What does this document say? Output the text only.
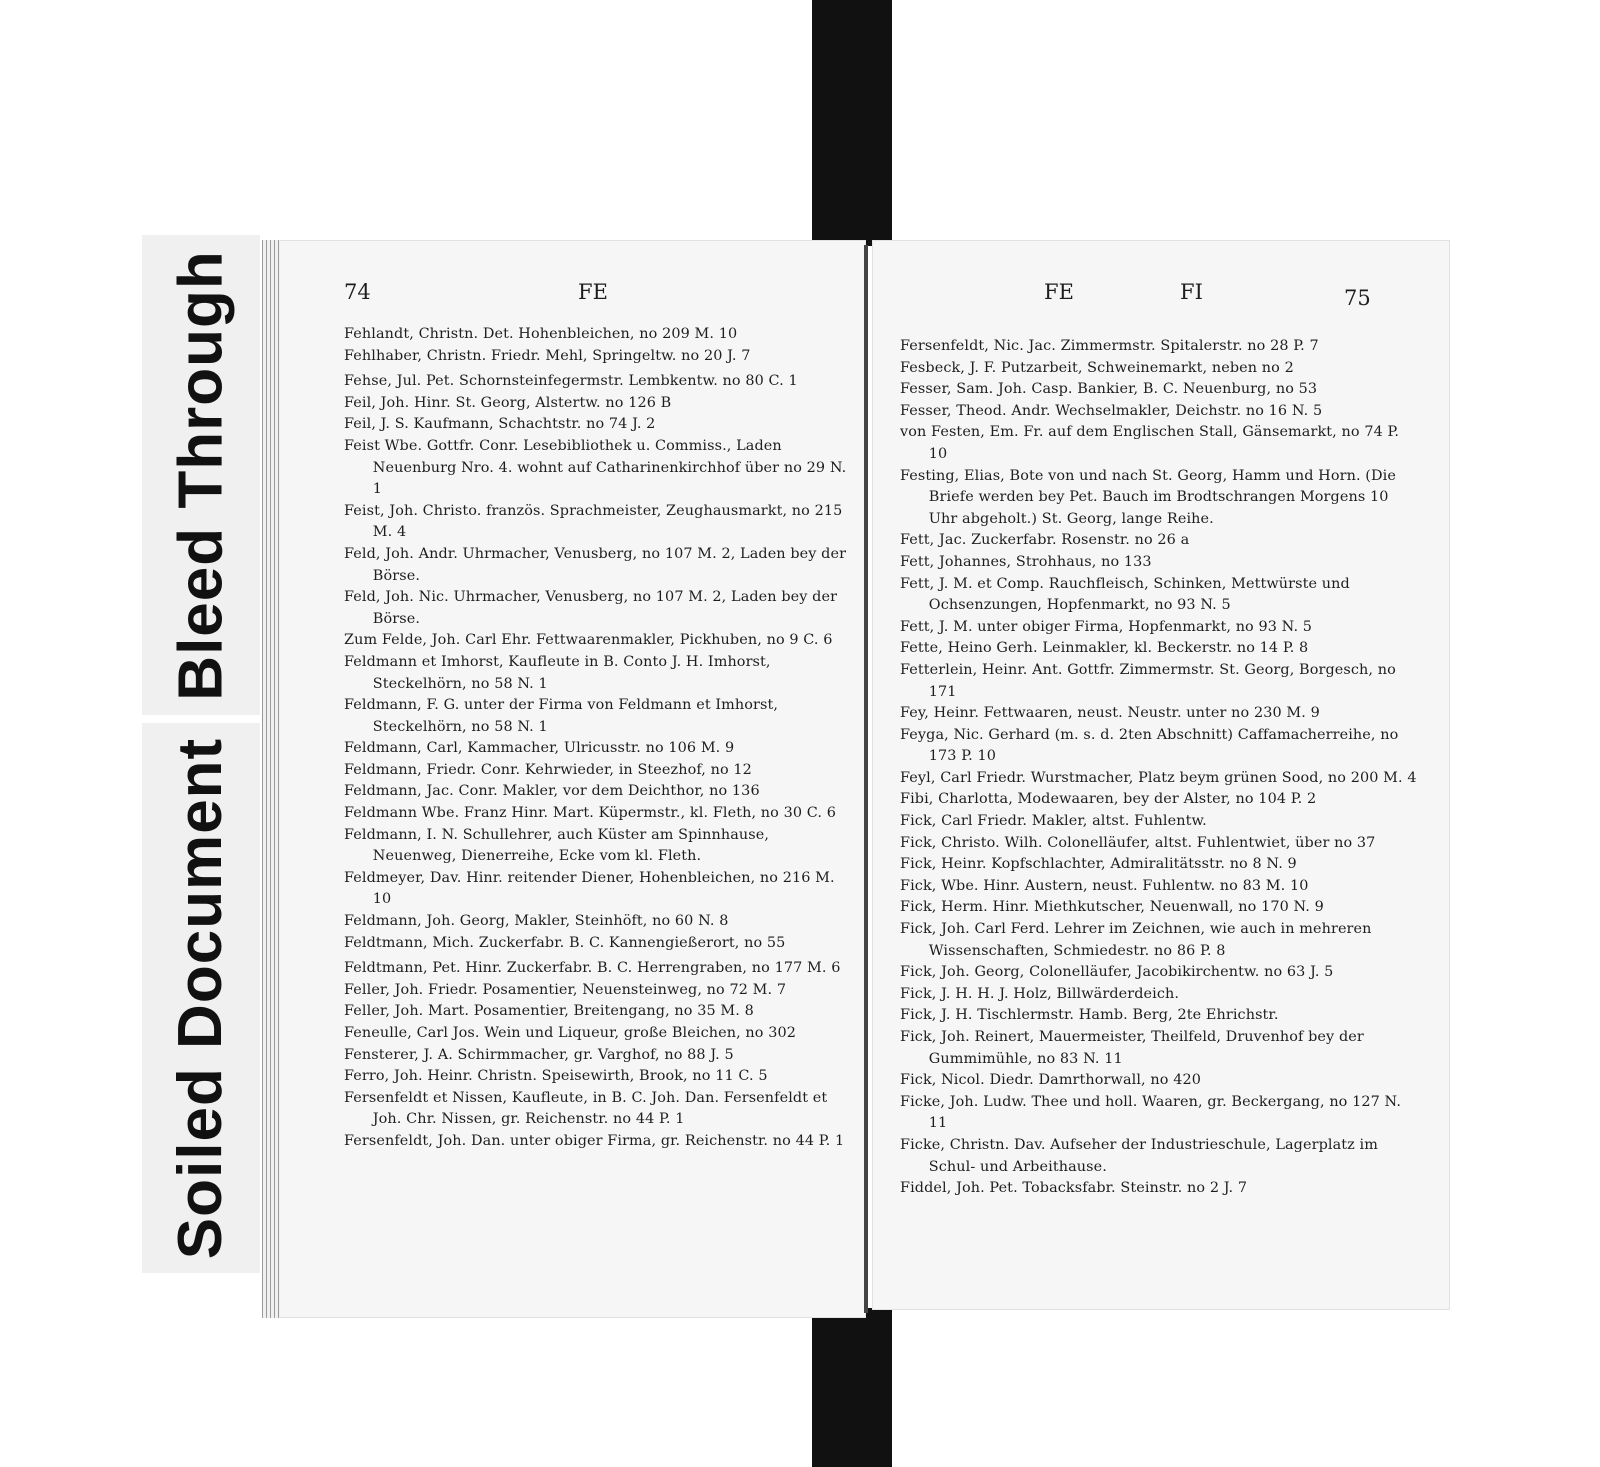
Bleed Through
Soiled Document
74	FE
Fehlandt, Christn. Det. Hohenbleichen, no 209 M. 10
Fehlhaber, Christn. Friedr. Mehl, Springeltw. no 20 J. 7
Fehse, Jul. Pet. Schornsteinfegermstr. Lembkentw. no 80 C. 1
Feil, Joh. Hinr. St. Georg, Alstertw. no 126 B
Feil, J. S. Kaufmann, Schachtstr. no 74 J. 2
Feist Wbe. Gottfr. Conr. Lesebibliothek u. Commiss., Laden Neuenburg Nro. 4. wohnt auf Catharinenkirchhof über no 29 N. 1
Feist, Joh. Christo. französ. Sprachmeister, Zeughausmarkt, no 215 M. 4
Feld, Joh. Andr. Uhrmacher, Venusberg, no 107 M. 2, Laden bey der Börse.
Feld, Joh. Nic. Uhrmacher, Venusberg, no 107 M. 2, Laden bey der Börse.
Zum Felde, Joh. Carl Ehr. Fettwaarenmakler, Pickhuben, no 9 C. 6
Feldmann et Imhorst, Kaufleute in B. Conto J. H. Imhorst, Steckelhörn, no 58 N. 1
Feldmann, F. G. unter der Firma von Feldmann et Imhorst, Steckelhörn, no 58 N. 1
Feldmann, Carl, Kammacher, Ulricusstr. no 106 M. 9
Feldmann, Friedr. Conr. Kehrwieder, in Steezhof, no 12
Feldmann, Jac. Conr. Makler, vor dem Deichthor, no 136
Feldmann Wbe. Franz Hinr. Mart. Küpermstr., kl. Fleth, no 30 C. 6
Feldmann, I. N. Schullehrer, auch Küster am Spinnhause, Neuenweg, Dienerreihe, Ecke vom kl. Fleth.
Feldmeyer, Dav. Hinr. reitender Diener, Hohenbleichen, no 216 M. 10
Feldmann, Joh. Georg, Makler, Steinhöft, no 60 N. 8
Feldtmann, Mich. Zuckerfabr. B. C. Kannengießerort, no 55
Feldtmann, Pet. Hinr. Zuckerfabr. B. C. Herrengraben, no 177 M. 6
Feller, Joh. Friedr. Posamentier, Neuensteinweg, no 72 M. 7
Feller, Joh. Mart. Posamentier, Breitengang, no 35 M. 8
Feneulle, Carl Jos. Wein und Liqueur, große Bleichen, no 302
Fensterer, J. A. Schirmmacher, gr. Varghof, no 88 J. 5
Ferro, Joh. Heinr. Christn. Speisewirth, Brook, no 11 C. 5
Fersenfeldt et Nissen, Kaufleute, in B. C. Joh. Dan. Fersenfeldt et Joh. Chr. Nissen, gr. Reichenstr. no 44 P. 1
Fersenfeldt, Joh. Dan. unter obiger Firma, gr. Reichenstr. no 44 P. 1
FE	FI	75
Fersenfeldt, Nic. Jac. Zimmermstr. Spitalerstr. no 28 P. 7
Fesbeck, J. F. Putzarbeit, Schweinemarkt, neben no 2
Fesser, Sam. Joh. Casp. Bankier, B. C. Neuenburg, no 53
Fesser, Theod. Andr. Wechselmakler, Deichstr. no 16 N. 5
von Festen, Em. Fr. auf dem Englischen Stall, Gänsemarkt, no 74 P. 10
Festing, Elias, Bote von und nach St. Georg, Hamm und Horn. (Die Briefe werden bey Pet. Bauch im Brodtschrangen Morgens 10 Uhr abgeholt.) St. Georg, lange Reihe.
Fett, Jac. Zuckerfabr. Rosenstr. no 26 a
Fett, Johannes, Strohhaus, no 133
Fett, J. M. et Comp. Rauchfleisch, Schinken, Mettwürste und Ochsenzungen, Hopfenmarkt, no 93 N. 5
Fett, J. M. unter obiger Firma, Hopfenmarkt, no 93 N. 5
Fette, Heino Gerh. Leinmakler, kl. Beckerstr. no 14 P. 8
Fetterlein, Heinr. Ant. Gottfr. Zimmermstr. St. Georg, Borgesch, no 171
Fey, Heinr. Fettwaaren, neust. Neustr. unter no 230 M. 9
Feyga, Nic. Gerhard (m. s. d. 2ten Abschnitt) Caffamacherreihe, no 173 P. 10
Feyl, Carl Friedr. Wurstmacher, Platz beym grünen Sood, no 200 M. 4
Fibi, Charlotta, Modewaaren, bey der Alster, no 104 P. 2
Fick, Carl Friedr. Makler, altst. Fuhlentw.
Fick, Christo. Wilh. Colonelläufer, altst. Fuhlentwiet, über no 37
Fick, Heinr. Kopfschlachter, Admiralitätsstr. no 8 N. 9
Fick, Wbe. Hinr. Austern, neust. Fuhlentw. no 83 M. 10
Fick, Herm. Hinr. Miethkutscher, Neuenwall, no 170 N. 9
Fick, Joh. Carl Ferd. Lehrer im Zeichnen, wie auch in mehreren Wissenschaften, Schmiedestr. no 86 P. 8
Fick, Joh. Georg, Colonelläufer, Jacobikirchentw. no 63 J. 5
Fick, J. H. H. J. Holz, Billwärderdeich.
Fick, J. H. Tischlermstr. Hamb. Berg, 2te Ehrichstr.
Fick, Joh. Reinert, Mauermeister, Theilfeld, Druvenhof bey der Gummimühle, no 83 N. 11
Fick, Nicol. Diedr. Damrthorwall, no 420
Ficke, Joh. Ludw. Thee und holl. Waaren, gr. Beckergang, no 127 N. 11
Ficke, Christn. Dav. Aufseher der Industrieschule, Lagerplatz im Schul- und Arbeithause.
Fiddel, Joh. Pet. Tobacksfabr. Steinstr. no 2 J. 7
